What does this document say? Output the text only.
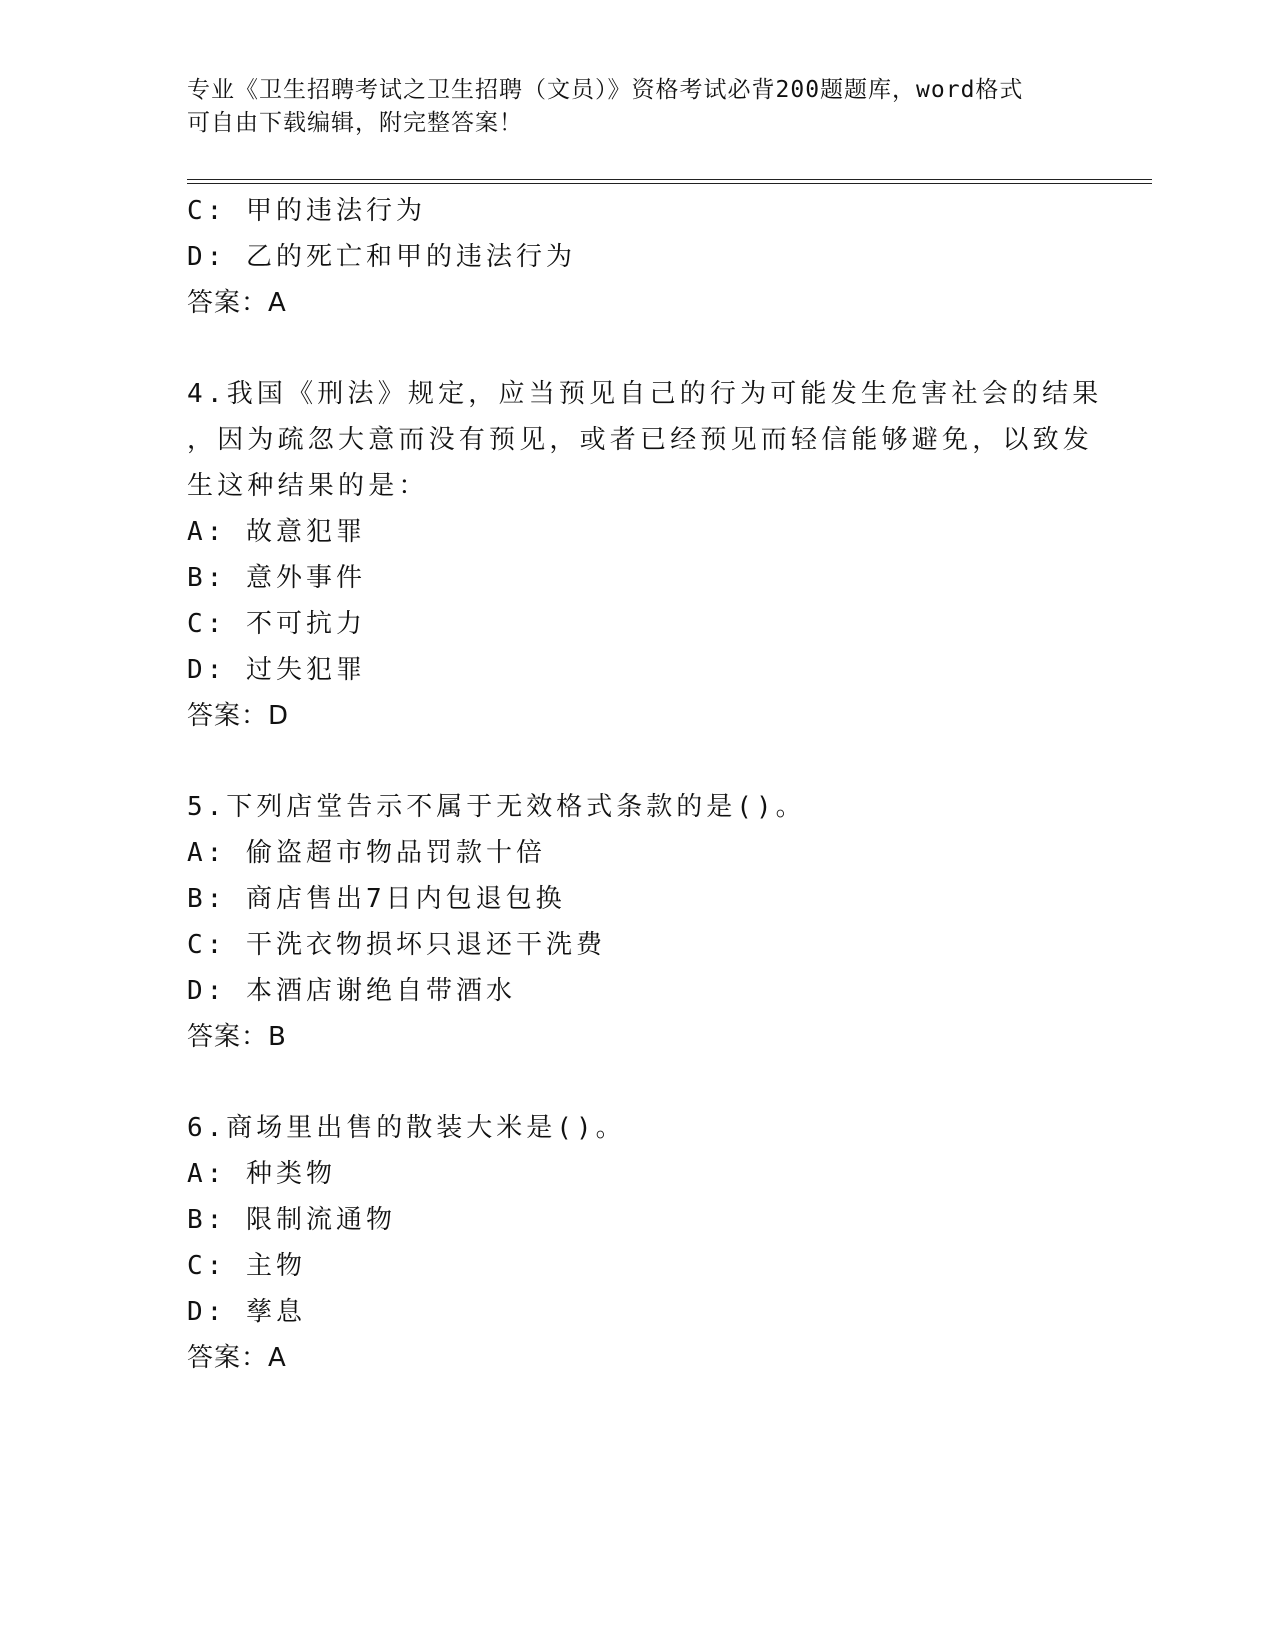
专业《卫生招聘考试之卫生招聘（文员）》资格考试必背200题题库，word格式
可自由下载编辑，附完整答案！
C: 甲的违法行为
D: 乙的死亡和甲的违法行为
答案：A
4.我国《刑法》规定，应当预见自己的行为可能发生危害社会的结果
，因为疏忽大意而没有预见，或者已经预见而轻信能够避免，以致发
生这种结果的是：
A: 故意犯罪
B: 意外事件
C: 不可抗力
D: 过失犯罪
答案：D
5.下列店堂告示不属于无效格式条款的是()。
A: 偷盗超市物品罚款十倍
B: 商店售出7日内包退包换
C: 干洗衣物损坏只退还干洗费
D: 本酒店谢绝自带酒水
答案：B
6.商场里出售的散装大米是()。
A: 种类物
B: 限制流通物
C: 主物
D: 孳息
答案：A
